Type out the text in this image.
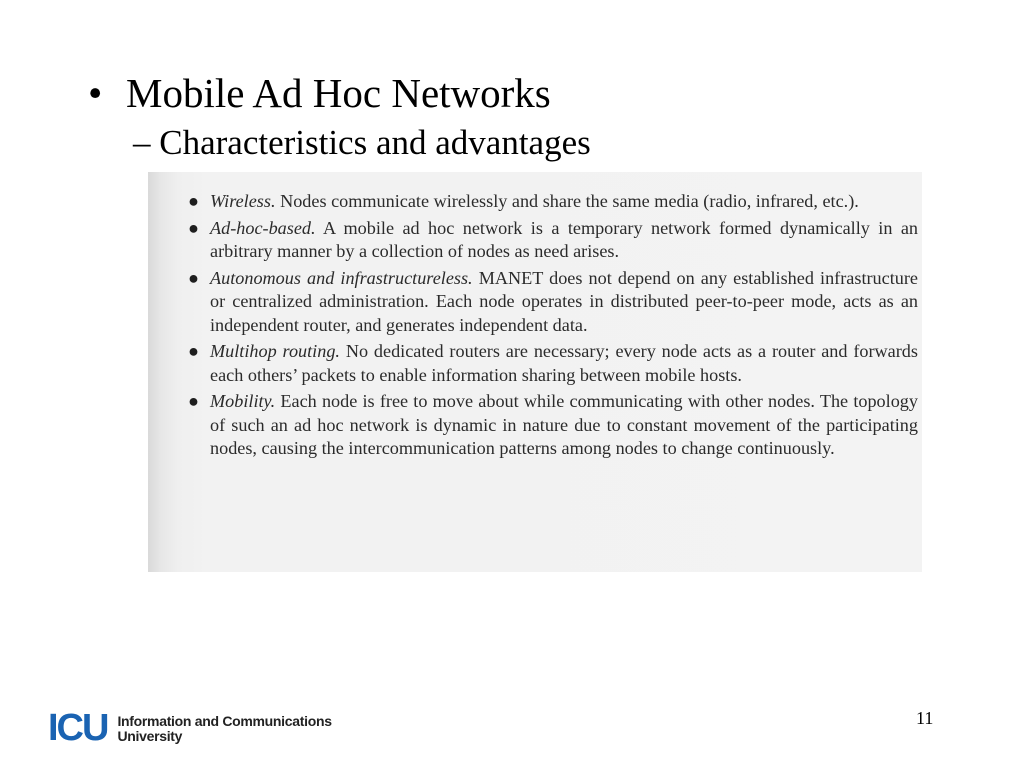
• Mobile Ad Hoc Networks
– Characteristics and advantages
● Wireless. Nodes communicate wirelessly and share the same media (radio, infrared, etc.).
● Ad-hoc-based. A mobile ad hoc network is a temporary network formed dynamically in an arbitrary manner by a collection of nodes as need arises.
● Autonomous and infrastructureless. MANET does not depend on any established infrastructure or centralized administration. Each node operates in distributed peer-to-peer mode, acts as an independent router, and generates independent data.
● Multihop routing. No dedicated routers are necessary; every node acts as a router and forwards each others’ packets to enable information sharing between mobile hosts.
● Mobility. Each node is free to move about while communicating with other nodes. The topology of such an ad hoc network is dynamic in nature due to constant movement of the participating nodes, causing the intercommunication patterns among nodes to change continuously.
ICU Information and Communications
University
11
